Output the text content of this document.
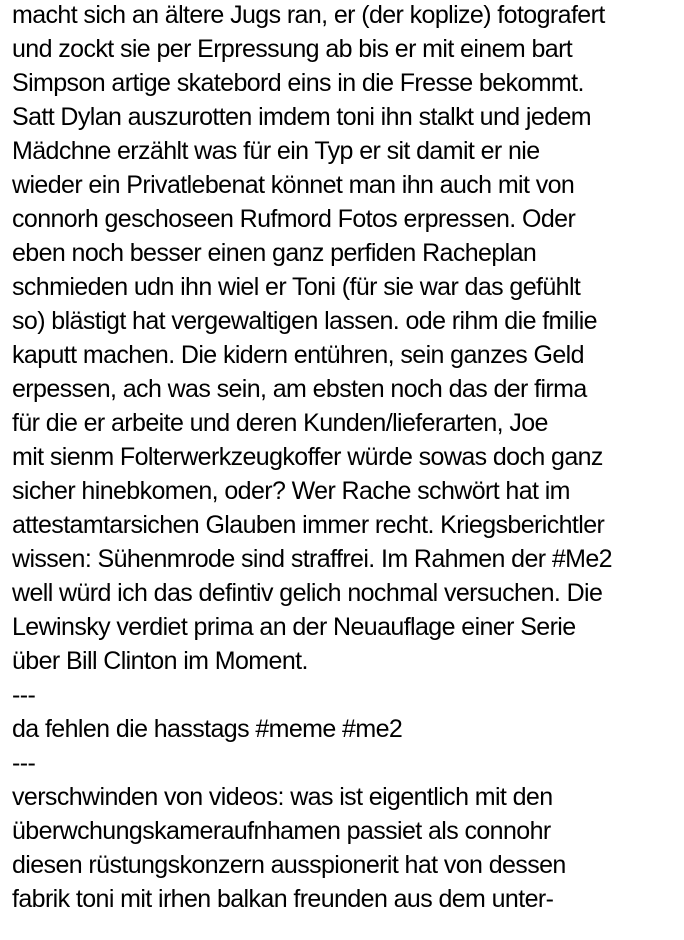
macht sich an ältere Jugs ran, er (der koplize) fotografert
und zockt sie per Erpressung ab bis er mit einem bart
Simpson artige skatebord eins in die Fresse bekommt.
Satt Dylan auszurotten imdem toni ihn stalkt und jedem
Mädchne erzählt was für ein Typ er sit damit er nie
wieder ein Privatlebenat könnet man ihn auch mit von
connorh geschoseen Rufmord Fotos erpressen. Oder
eben noch besser einen ganz perfiden Racheplan
schmieden udn ihn wiel er Toni (für sie war das gefühlt
so) blästigt hat vergewaltigen lassen. ode rihm die fmilie
kaputt machen. Die kidern entühren, sein ganzes Geld
erpessen, ach was sein, am ebsten noch das der firma
für die er arbeite und deren Kunden/lieferarten, Joe
mit sienm Folterwerkzeugkoffer würde sowas doch ganz
sicher hinebkomen, oder? Wer Rache schwört hat im
attestamtarsichen Glauben immer recht. Kriegsberichtler
wissen: Sühenmrode sind straffrei. Im Rahmen der #Me2
well würd ich das defintiv gelich nochmal versuchen. Die
Lewinsky verdiet prima an der Neuauflage einer Serie
über Bill Clinton im Moment.
---
da fehlen die hasstags #meme #me2
---
verschwinden von videos: was ist eigentlich mit den
überwchungskameraufnhamen passiet als connohr
diesen rüstungskonzern ausspionerit hat von dessen
fabrik toni mit irhen balkan freunden aus dem unter-
